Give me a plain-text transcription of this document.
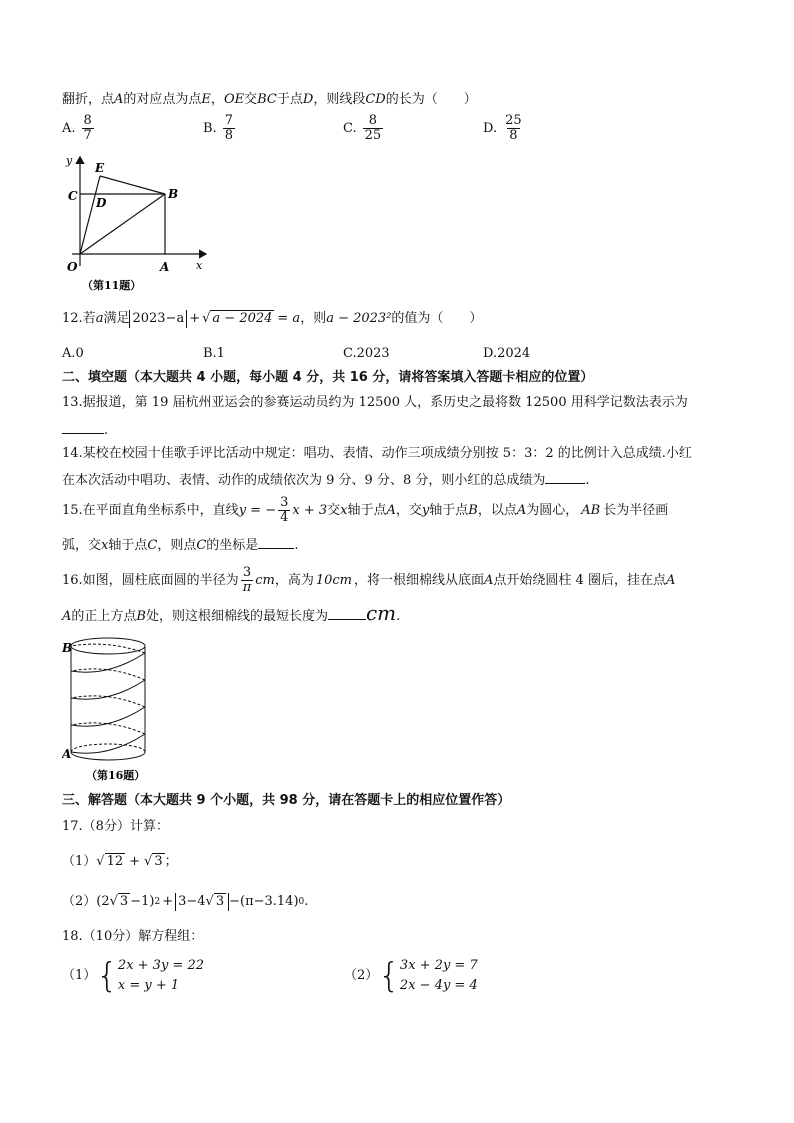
翻折，点A的对应点为点E，OE交BC于点D，则线段CD的长为（　　）
A. $\frac{8}{7}$	B. $\frac{7}{8}$	C. $\frac{8}{25}$	D. $\frac{25}{8}$
y
C
E
D
B
O	A x
（第11题）
12.若 a 满足 2023−a + √ a − 2024 = a ，则 a − 2023² 的值为（　　）
A.0	B.1	C.2023	D.2024
二、填空题（本大题共 4 小题，每小题 4 分，共 16 分，请将答案填入答题卡相应的位置）
13.据报道，第 19 届杭州亚运会的参赛运动员约为 12500 人，系历史之最将数 12500 用科学记数法表示为
.
14.某校在校园十佳歌手评比活动中规定：唱功、表情、动作三项成绩分别按 5：3：2 的比例计入总成绩.小红
在本次活动中唱功、表情、动作的成绩依次为 9 分、9 分、8 分，则小红的总成绩为	.
15.在平面直角坐标系中，直线 y = − $\frac{3}{4}$ x + 3 交 x 轴于点 A ，交 y 轴于点 B ，以点 A 为圆心， AB 长为半径画
弧，交x轴于点C，则点C的坐标是	.
16.如图，圆柱底面圆的半径为 $\frac{3}{\pi}$ cm ，高为 10cm ，将一根细棉线从底面 A 点开始绕圆柱 4 圈后，挂在点 A
A的正上方点B处，则这根细棉线的最短长度为 cm.
B
A
（第16题）
三、解答题（本大题共 9 个小题，共 98 分，请在答题卡上的相应位置作答）
17.（8分）计算：
（1） √ 12 + √ 3 ；
（2） (2 √ 3 −1) 2 + 3−4 √ 3 −(π−3.14) 0 .
18.（10分）解方程组：
（1） { 2x + 3y = 22
x = y + 1
（2） { 3x + 2y = 7
2x − 4y = 4
